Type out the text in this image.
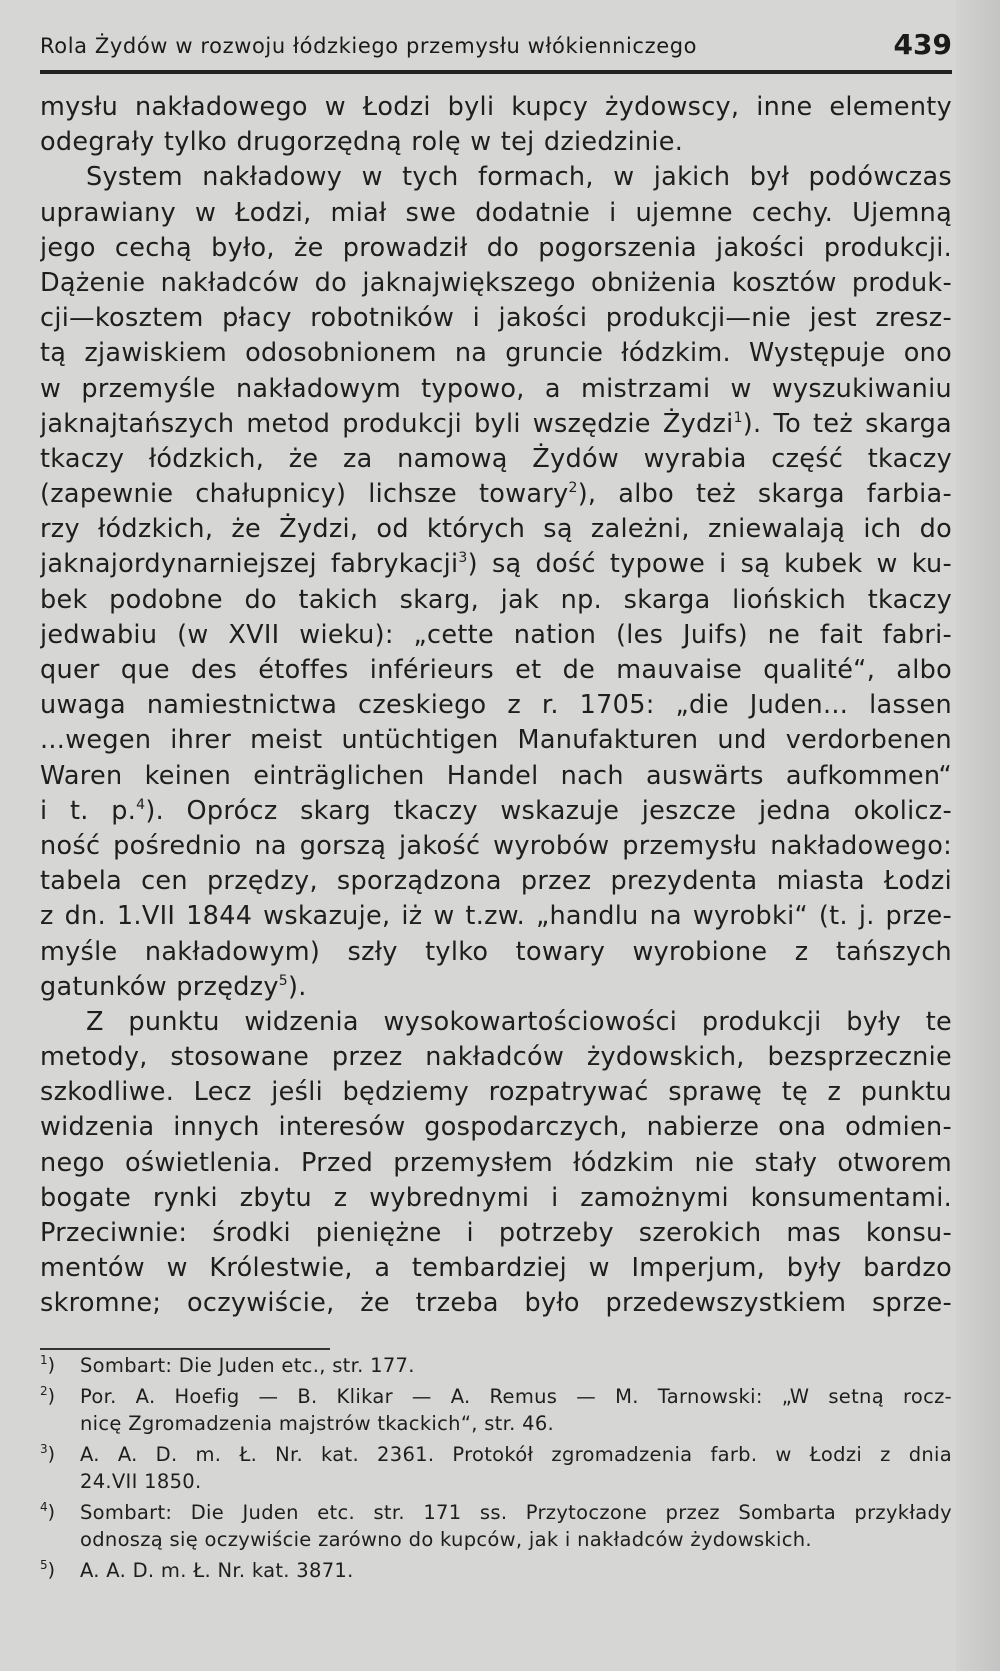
Rola Żydów w rozwoju łódzkiego przemysłu włókienniczego	439
mysłu nakładowego w Łodzi byli kupcy żydowscy, inne elementy
odegrały tylko drugorzędną rolę w tej dziedzinie.
System nakładowy w tych formach, w jakich był podówczas
uprawiany w Łodzi, miał swe dodatnie i ujemne cechy. Ujemną
jego cechą było, że prowadził do pogorszenia jakości produkcji.
Dążenie nakładców do jaknajwiększego obniżenia kosztów produk-
cji—kosztem płacy robotników i jakości produkcji—nie jest zresz-
tą zjawiskiem odosobnionem na gruncie łódzkim. Występuje ono
w przemyśle nakładowym typowo, a mistrzami w wyszukiwaniu
jaknajtańszych metod produkcji byli wszędzie Żydzi$^1$). To też skarga
tkaczy łódzkich, że za namową Żydów wyrabia część tkaczy
(zapewnie chałupnicy) lichsze towary$^2$), albo też skarga farbia-
rzy łódzkich, że Żydzi, od których są zależni, zniewalają ich do
jaknajordynarniejszej fabrykacji$^3$) są dość typowe i są kubek w ku-
bek podobne do takich skarg, jak np. skarga liońskich tkaczy
jedwabiu (w XVII wieku): „cette nation (les Juifs) ne fait fabri-
quer que des étoffes inférieurs et de mauvaise qualité“, albo
uwaga namiestnictwa czeskiego z r. 1705: „die Juden... lassen
...wegen ihrer meist untüchtigen Manufakturen und verdorbenen
Waren keinen einträglichen Handel nach auswärts aufkommen“
i t. p.$^4$). Oprócz skarg tkaczy wskazuje jeszcze jedna okolicz-
ność pośrednio na gorszą jakość wyrobów przemysłu nakładowego:
tabela cen przędzy, sporządzona przez prezydenta miasta Łodzi
z dn. 1.VII 1844 wskazuje, iż w t.zw. „handlu na wyrobki“ (t. j. prze-
myśle nakładowym) szły tylko towary wyrobione z tańszych
gatunków przędzy$^5$).
Z punktu widzenia wysokowartościowości produkcji były te
metody, stosowane przez nakładców żydowskich, bezsprzecznie
szkodliwe. Lecz jeśli będziemy rozpatrywać sprawę tę z punktu
widzenia innych interesów gospodarczych, nabierze ona odmien-
nego oświetlenia. Przed przemysłem łódzkim nie stały otworem
bogate rynki zbytu z wybrednymi i zamożnymi konsumentami.
Przeciwnie: środki pieniężne i potrzeby szerokich mas konsu-
mentów w Królestwie, a tembardziej w Imperjum, były bardzo
skromne; oczywiście, że trzeba było przedewszystkiem sprze-
$^1$) Sombart: Die Juden etc., str. 177.
$^2$) Por. A. Hoefig — B. Klikar — A. Remus — M. Tarnowski: „W setną rocz-
nicę Zgromadzenia majstrów tkackich“, str. 46.
$^3$) A. A. D. m. Ł. Nr. kat. 2361. Protokół zgromadzenia farb. w Łodzi z dnia
24.VII 1850.
$^4$) Sombart: Die Juden etc. str. 171 ss. Przytoczone przez Sombarta przykłady
odnoszą się oczywiście zarówno do kupców, jak i nakładców żydowskich.
$^5$) A. A. D. m. Ł. Nr. kat. 3871.
